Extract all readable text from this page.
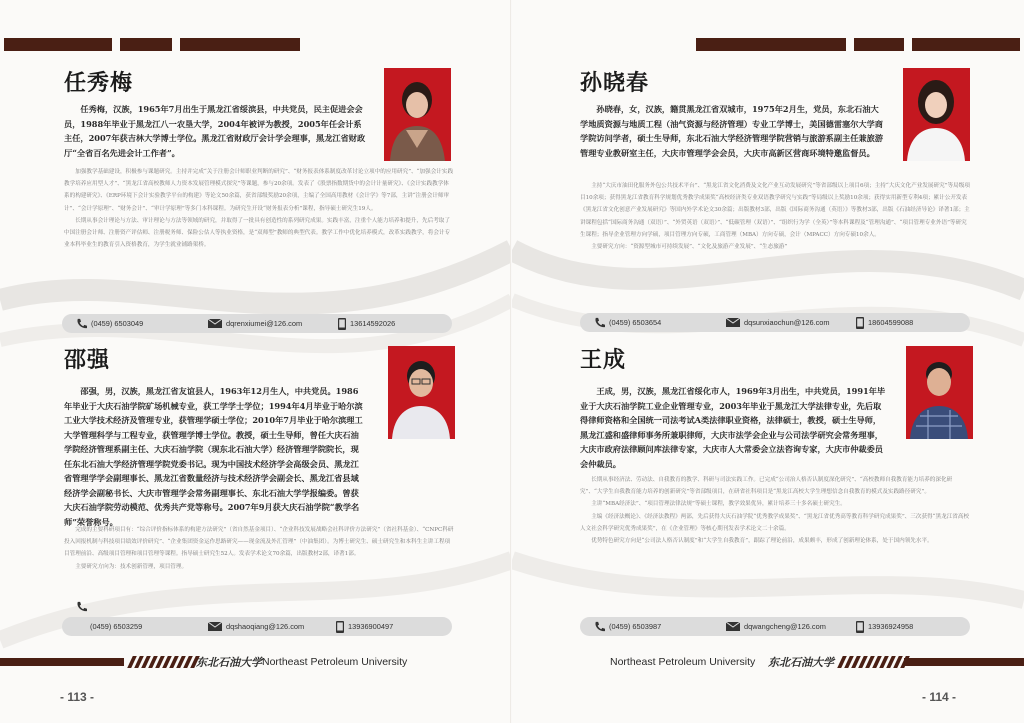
任秀梅

任秀梅，汉族，1965年7月出生于黑龙江省绥滨县，中共党员，民主促进会会员，1988年毕业于黑龙江八一农垦大学，2004年被评为教授，2005年任会计系主任，2007年获吉林大学博士学位。黑龙江省财政厅会计学会理事，黑龙江省财政厅“全省百名先进会计工作者”。

加强教学基础建设，积极参与课题研究。主持并完成“关于注册会计师职业判断的研究”、“财务报表体系制度改革讨论立项中的应用研究”、“加强会计实践教学培养应用型人才”、“黑龙江省高校教师人力资本发展管理模式探究”等课题，参与20余项。发表了《股票指数期货中的会计计量研究》、《会计实践教学体系的构建研究》、《ERP环境下会计实验教学平台的构建》等论文50余篇，获省部级奖励20余项，主编了全国高用教材《会计学》等7部，主讲“注册会计师审计”、“会计学原理”、“财务会计”、“审计学原理”等多门本科课程。为研究生开设“财务报表分析”课程，指导硕士研究生19人。

长期从事会计理论与方法、审计理论与方法等领域的研究，并取得了一批具有创造性的系列研究成果。实践丰富，注重个人能力培养和提升，先后考取了中国注册会计师、注册资产评估师、注册税务师、保险公估人等执业资格，是“双师型”教师的典型代表。教学工作中优化培养模式，改革实践教学，将会计专业本科毕业生的教育引入资格教育，为学生就业铺路架桥。

(0459) 6503049	dqrenxiumei@126.com	13614592026
邵强

邵强，男，汉族，黑龙江省友谊县人，1963年12月生人，中共党员。1986年毕业于大庆石油学院矿场机械专业，获工学学士学位；1994年4月毕业于哈尔滨工业大学技术经济及管理专业，获管理学硕士学位；2010年7月毕业于哈尔滨理工大学管理科学与工程专业，获管理学博士学位。教授，硕士生导师，曾任大庆石油学院经济管理系副主任、大庆石油学院（现东北石油大学）经济管理学院院长，现任东北石油大学经济管理学院党委书记。现为中国技术经济学会高级会员、黑龙江省管理学学会副理事长、黑龙江省数量经济与技术经济学会副会长、黑龙江省县域经济学会副秘书长、大庆市管理学会常务副理事长、东北石油大学学报编委。曾获大庆石油学院劳动模范、优秀共产党等称号。2007年9月获大庆石油学院“教学名师”荣誉称号。

完成的主要科研项目有：“综合评价指标体系的构建方法研究”（省自然基金项目）、“企业科技发展战略会社科评价方法研究”（省社科基金）、“CNPC科研投入回报机制与科技项目绩效评价研究”、“企业集团资金运作思路研究——现金流及外汇管理”（中油集团）。为博士研究生、硕士研究生和本科生主讲工程项目管理前沿、高级项目管理和项目管理等课程。指导硕士研究生52人。发表学术论文70余篇，出版教材2部，译著1部。

主要研究方向为：技术创新管理，项目管理。

(0459) 6503259	dqshaoqiang@126.com	13936900497
东北石油大学 Northeast Petroleum University
- 113 -
孙晓春

孙晓春，女，汉族，籍贯黑龙江省双城市，1975年2月生，党员，东北石油大学地质资源与地质工程（油气资源与经济管理）专业工学博士，美国德雷塞尔大学商学院访问学者，硕士生导师，东北石油大学经济管理学院营销与旅游系副主任兼旅游管理专业教研室主任，大庆市管理学会会员，大庆市高新区营商环境特邀监督员。

主持“大庆市油田化服务外包公共技术平台”、“黑龙江省文化消费及文化产业互动发展研究”等省部级以上项目6项；主持“大庆文化产业发展研究”等局级项目10余项；获得黑龙江省教育科学规划优秀教学成果奖“高校经济类专业双语教学研究与实践”等局级以上奖励10余项；获得实用新型专利4项；累计公开发表《黑龙江省文化创意产业发展研究》等国内外学术论文30余篇；出版教材3部，出版《国际商务沟通（英语）》等教材3部，出版《石油经济导论》译著1部；主讲课程包括“国际商务沟通（双语）”、“外贸英语（双语）”、“低碳管理（双语）”、“组织行为学（全英）”等本科课程及“管理沟通”、“项目管理专业外语”等研究生课程；指导企业管理方向学硕，项目管理方向专硕，工商管理（MBA）方向专硕，会计（MPACC）方向专硕10余人。

主要研究方向：“资源型城市可持续发展”、“文化及旅游产业发展”、“生态旅游”

(0459) 6503654	dqsunxiaochun@126.com	18604599088
王成

王成，男，汉族，黑龙江省绥化市人，1969年3月出生，中共党员，1991年毕业于大庆石油学院工业企业管理专业，2003年毕业于黑龙江大学法律专业，先后取得律师资格和全国统一司法考试A类法律职业资格，法律硕士，教授，硕士生导师，黑龙江盛和盛律师事务所兼职律师，大庆市法学会企业与公司法学研究会常务理事，大庆市政府法律顾问库法律专家，大庆市人大常委会立法咨询专家，大庆市仲裁委员会仲裁员。

长期从事经济法、劳动法、自我教育的教学、科研与司法实践工作。已完成“公司治人格否认制度深化研究”、“高校教师自我教育能力培养的深化研究”、“大学生自我教育能力培养的创新研究”等省部级项目，在研省社科项目是“黑龙江高校大学生理想信念自我教育的模式及实践路径研究”。

主讲“MBA经济法”、“项目管理法律法规”等硕士课程，教学效果优异，累计培养三十多名硕士研究生。

主编《经济法概论》、《经济法教程》两部，先后获得大庆石油学院“优秀教学成果奖”、“黑龙江省优秀高等教育科学研究成果奖”、三次获得“黑龙江省高校人文社会科学研究优秀成果奖”，在《企业管理》等核心期刊发表学术论文二十余篇。

优势特色研究方向是“公司法人格否认制度”和“大学生自我教育”，跟踪了理论前沿，成果颇丰，形成了创新理论体系，处于国内领先水平。

(0459) 6503987	dqwangcheng@126.com	13936924958
Northeast Petroleum University 东北石油大学
- 114 -
